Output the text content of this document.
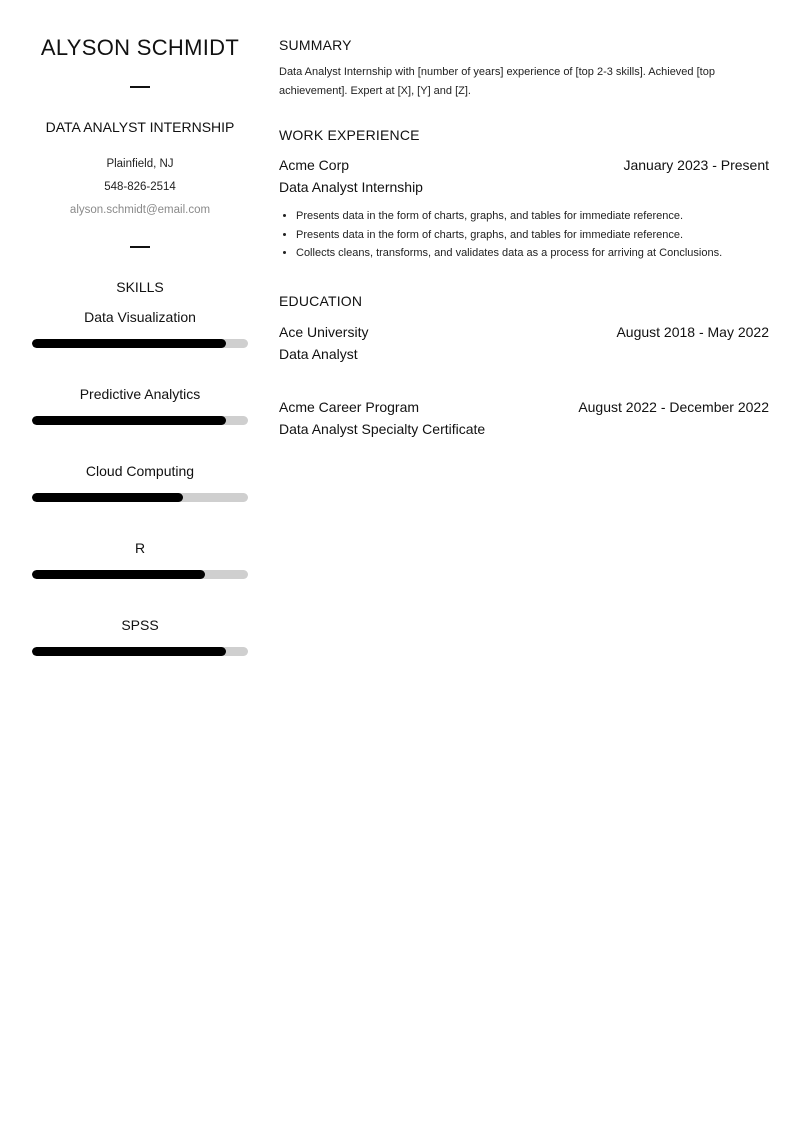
ALYSON SCHMIDT
DATA ANALYST INTERNSHIP
Plainfield, NJ
548-826-2514
alyson.schmidt@email.com
SKILLS
Data Visualization
Predictive Analytics
Cloud Computing
R
SPSS
SUMMARY
Data Analyst Internship with [number of years] experience of [top 2-3 skills]. Achieved [top achievement]. Expert at [X], [Y] and [Z].
WORK EXPERIENCE
Acme Corp	January 2023 - Present
Data Analyst Internship
• Presents data in the form of charts, graphs, and tables for immediate reference.
• Presents data in the form of charts, graphs, and tables for immediate reference.
• Collects cleans, transforms, and validates data as a process for arriving at Conclusions.
EDUCATION
Ace University	August 2018 - May 2022
Data Analyst
Acme Career Program	August 2022 - December 2022
Data Analyst Specialty Certificate
